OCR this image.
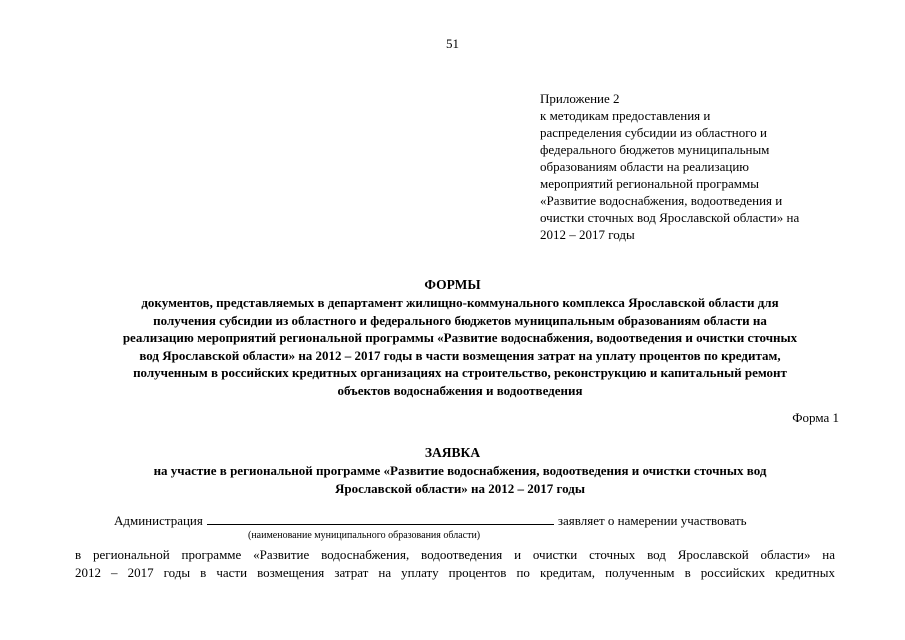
51
Приложение 2
к методикам предоставления и
распределения субсидии из областного и
федерального бюджетов муниципальным
образованиям области на реализацию
мероприятий региональной программы
«Развитие водоснабжения, водоотведения и
очистки сточных вод Ярославской области» на
2012 – 2017 годы
ФОРМЫ
документов, представляемых в департамент жилищно-коммунального комплекса Ярославской области для
получения субсидии из областного и федерального бюджетов муниципальным образованиям области на
реализацию мероприятий региональной программы «Развитие водоснабжения, водоотведения и очистки сточных
вод Ярославской области» на 2012 – 2017 годы в части возмещения затрат на уплату процентов по кредитам,
полученным в российских кредитных организациях на строительство, реконструкцию и капитальный ремонт
объектов водоснабжения и водоотведения
Форма 1
ЗАЯВКА
на участие в региональной программе «Развитие водоснабжения, водоотведения и очистки сточных вод
Ярославской области» на 2012 – 2017 годы
Администрация	заявляет о намерении участвовать
(наименование муниципального образования области)
в региональной программе «Развитие водоснабжения, водоотведения и очистки сточных вод Ярославской области» на
2012 – 2017 годы в части возмещения затрат на уплату процентов по кредитам, полученным в российских кредитных
